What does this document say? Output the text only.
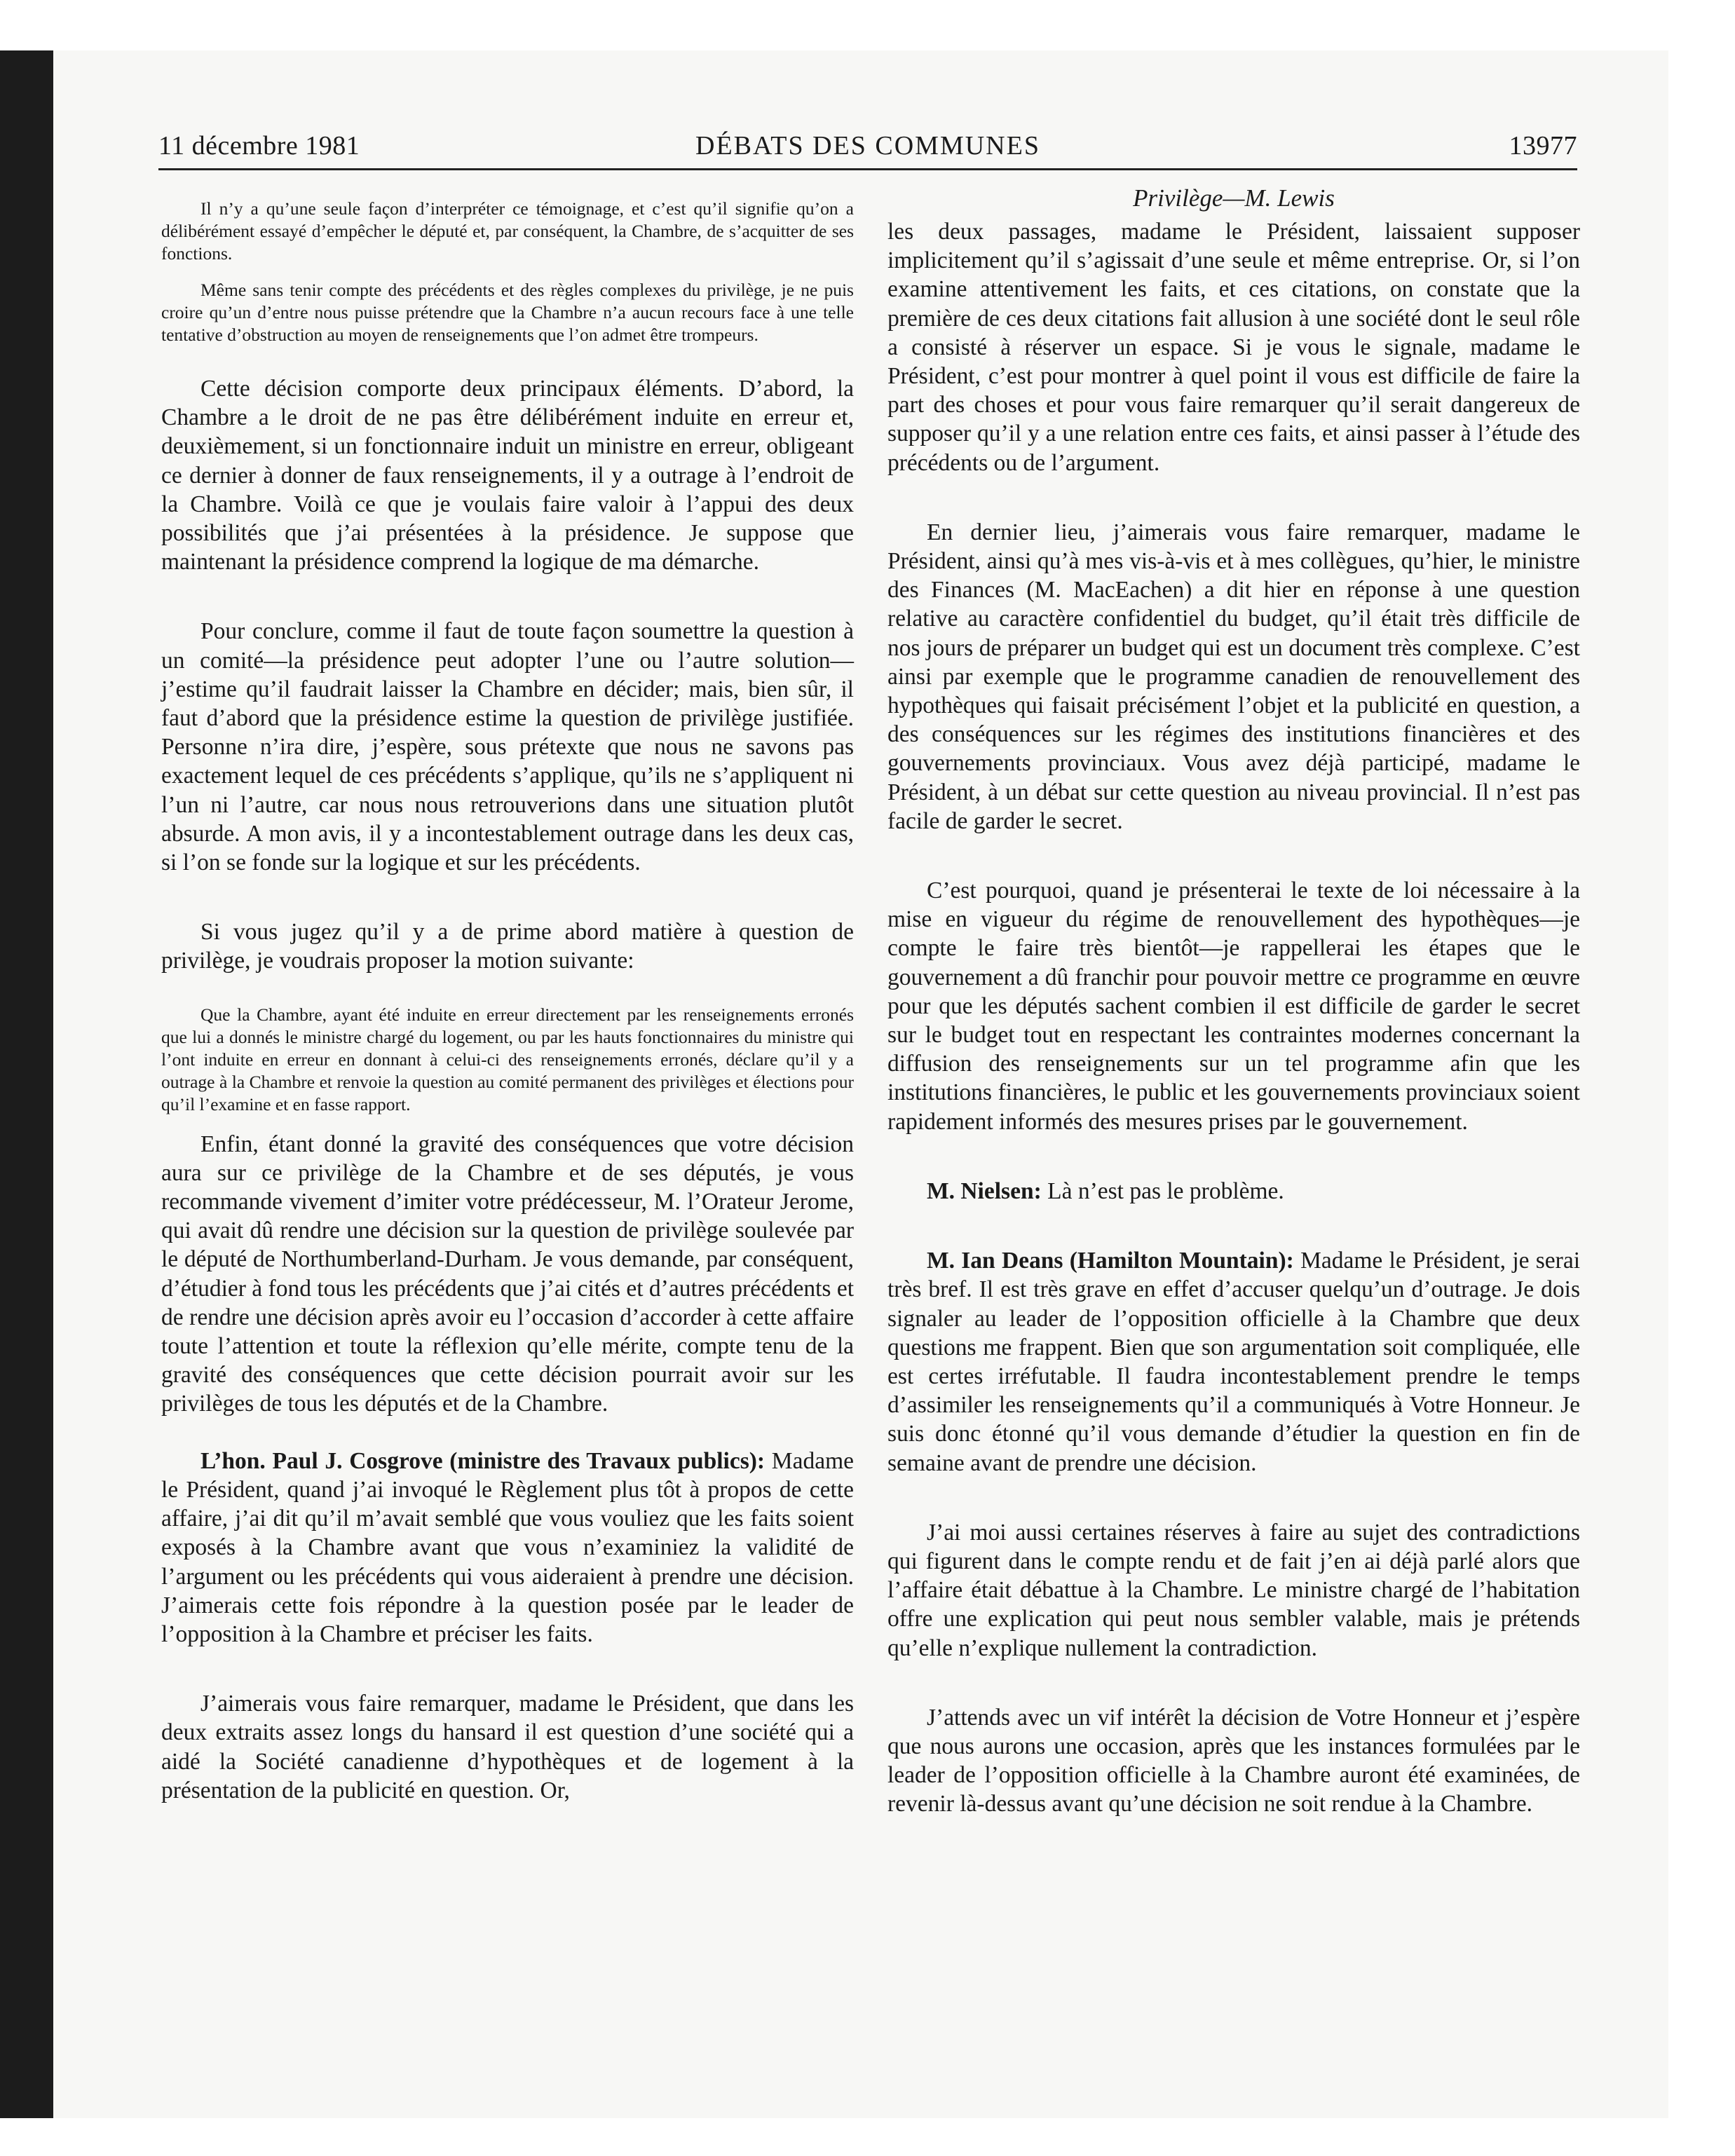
11 décembre 1981	DÉBATS DES COMMUNES	13977

Il n’y a qu’une seule façon d’interpréter ce témoignage, et c’est qu’il signifie qu’on a délibérément essayé d’empêcher le député et, par conséquent, la Chambre, de s’acquitter de ses fonctions.

Même sans tenir compte des précédents et des règles complexes du privilège, je ne puis croire qu’un d’entre nous puisse prétendre que la Chambre n’a aucun recours face à une telle tentative d’obstruction au moyen de renseignements que l’on admet être trompeurs.

Cette décision comporte deux principaux éléments. D’abord, la Chambre a le droit de ne pas être délibérément induite en erreur et, deuxièmement, si un fonctionnaire induit un ministre en erreur, obligeant ce dernier à donner de faux renseignements, il y a outrage à l’endroit de la Chambre. Voilà ce que je voulais faire valoir à l’appui des deux possibilités que j’ai présentées à la présidence. Je suppose que maintenant la présidence comprend la logique de ma démarche.

Pour conclure, comme il faut de toute façon soumettre la question à un comité—la présidence peut adopter l’une ou l’autre solution—j’estime qu’il faudrait laisser la Chambre en décider; mais, bien sûr, il faut d’abord que la présidence estime la question de privilège justifiée. Personne n’ira dire, j’espère, sous prétexte que nous ne savons pas exactement lequel de ces précédents s’applique, qu’ils ne s’appliquent ni l’un ni l’autre, car nous nous retrouverions dans une situation plutôt absurde. A mon avis, il y a incontestablement outrage dans les deux cas, si l’on se fonde sur la logique et sur les précédents.

Si vous jugez qu’il y a de prime abord matière à question de privilège, je voudrais proposer la motion suivante:

Que la Chambre, ayant été induite en erreur directement par les renseignements erronés que lui a donnés le ministre chargé du logement, ou par les hauts fonctionnaires du ministre qui l’ont induite en erreur en donnant à celui-ci des renseignements erronés, déclare qu’il y a outrage à la Chambre et renvoie la question au comité permanent des privilèges et élections pour qu’il l’examine et en fasse rapport.

Enfin, étant donné la gravité des conséquences que votre décision aura sur ce privilège de la Chambre et de ses députés, je vous recommande vivement d’imiter votre prédécesseur, M. l’Orateur Jerome, qui avait dû rendre une décision sur la question de privilège soulevée par le député de Northumberland-Durham. Je vous demande, par conséquent, d’étudier à fond tous les précédents que j’ai cités et d’autres précédents et de rendre une décision après avoir eu l’occasion d’accorder à cette affaire toute l’attention et toute la réflexion qu’elle mérite, compte tenu de la gravité des conséquences que cette décision pourrait avoir sur les privilèges de tous les députés et de la Chambre.

L’hon. Paul J. Cosgrove (ministre des Travaux publics): Madame le Président, quand j’ai invoqué le Règlement plus tôt à propos de cette affaire, j’ai dit qu’il m’avait semblé que vous vouliez que les faits soient exposés à la Chambre avant que vous n’examiniez la validité de l’argument ou les précédents qui vous aideraient à prendre une décision. J’aimerais cette fois répondre à la question posée par le leader de l’opposition à la Chambre et préciser les faits.

J’aimerais vous faire remarquer, madame le Président, que dans les deux extraits assez longs du hansard il est question d’une société qui a aidé la Société canadienne d’hypothèques et de logement à la présentation de la publicité en question. Or,

Privilège—M. Lewis

les deux passages, madame le Président, laissaient supposer implicitement qu’il s’agissait d’une seule et même entreprise. Or, si l’on examine attentivement les faits, et ces citations, on constate que la première de ces deux citations fait allusion à une société dont le seul rôle a consisté à réserver un espace. Si je vous le signale, madame le Président, c’est pour montrer à quel point il vous est difficile de faire la part des choses et pour vous faire remarquer qu’il serait dangereux de supposer qu’il y a une relation entre ces faits, et ainsi passer à l’étude des précédents ou de l’argument.

En dernier lieu, j’aimerais vous faire remarquer, madame le Président, ainsi qu’à mes vis-à-vis et à mes collègues, qu’hier, le ministre des Finances (M. MacEachen) a dit hier en réponse à une question relative au caractère confidentiel du budget, qu’il était très difficile de nos jours de préparer un budget qui est un document très complexe. C’est ainsi par exemple que le programme canadien de renouvellement des hypothèques qui faisait précisément l’objet et la publicité en question, a des conséquences sur les régimes des institutions financières et des gouvernements provinciaux. Vous avez déjà participé, madame le Président, à un débat sur cette question au niveau provincial. Il n’est pas facile de garder le secret.

C’est pourquoi, quand je présenterai le texte de loi nécessaire à la mise en vigueur du régime de renouvellement des hypothèques—je compte le faire très bientôt—je rappellerai les étapes que le gouvernement a dû franchir pour pouvoir mettre ce programme en œuvre pour que les députés sachent combien il est difficile de garder le secret sur le budget tout en respectant les contraintes modernes concernant la diffusion des renseignements sur un tel programme afin que les institutions financières, le public et les gouvernements provinciaux soient rapidement informés des mesures prises par le gouvernement.

M. Nielsen: Là n’est pas le problème.

M. Ian Deans (Hamilton Mountain): Madame le Président, je serai très bref. Il est très grave en effet d’accuser quelqu’un d’outrage. Je dois signaler au leader de l’opposition officielle à la Chambre que deux questions me frappent. Bien que son argumentation soit compliquée, elle est certes irréfutable. Il faudra incontestablement prendre le temps d’assimiler les renseignements qu’il a communiqués à Votre Honneur. Je suis donc étonné qu’il vous demande d’étudier la question en fin de semaine avant de prendre une décision.

J’ai moi aussi certaines réserves à faire au sujet des contradictions qui figurent dans le compte rendu et de fait j’en ai déjà parlé alors que l’affaire était débattue à la Chambre. Le ministre chargé de l’habitation offre une explication qui peut nous sembler valable, mais je prétends qu’elle n’explique nullement la contradiction.

J’attends avec un vif intérêt la décision de Votre Honneur et j’espère que nous aurons une occasion, après que les instances formulées par le leader de l’opposition officielle à la Chambre auront été examinées, de revenir là-dessus avant qu’une décision ne soit rendue à la Chambre.
